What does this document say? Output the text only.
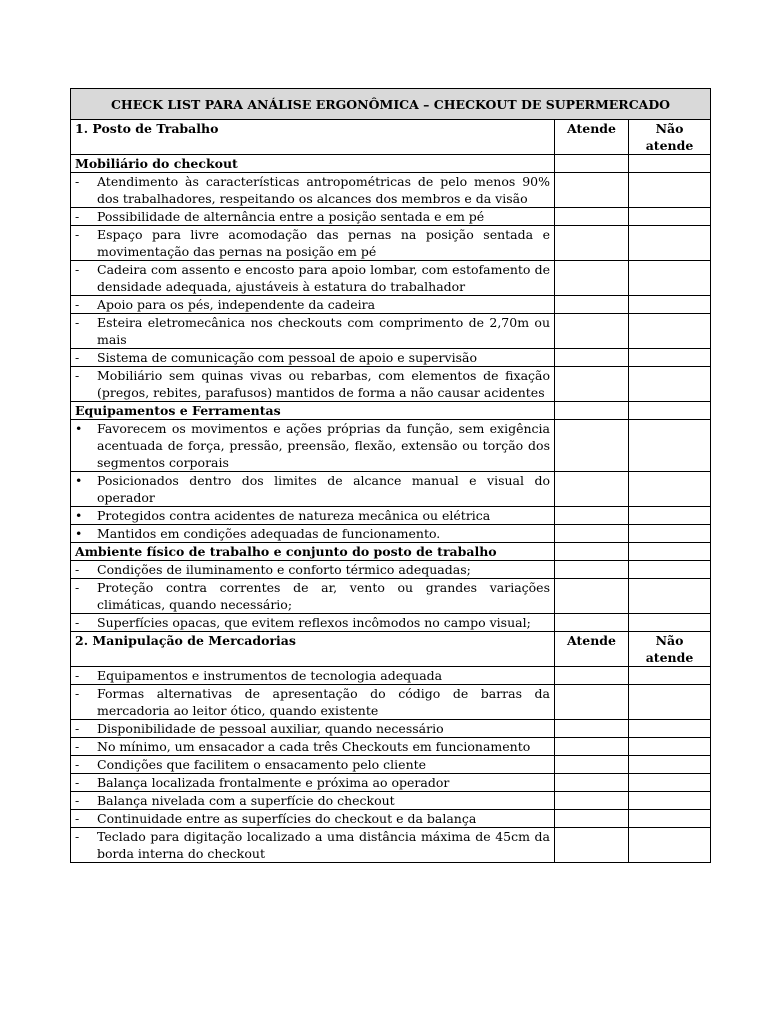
CHECK LIST PARA ANÁLISE ERGONÔMICA – CHECKOUT DE SUPERMERCADO		
1. Posto de Trabalho	Atende	Não atende
Mobiliário do checkout		

- Atendimento às características antropométricas de pelo menos 90% dos trabalhadores, respeitando os alcances dos membros e da visão		

- Possibilidade de alternância entre a posição sentada e em pé		

- Espaço para livre acomodação das pernas na posição sentada e movimentação das pernas na posição em pé		

- Cadeira com assento e encosto para apoio lombar, com estofamento de densidade adequada, ajustáveis à estatura do trabalhador		

- Apoio para os pés, independente da cadeira		

- Esteira eletromecânica nos checkouts com comprimento de 2,70m ou mais		

- Sistema de comunicação com pessoal de apoio e supervisão		

- Mobiliário sem quinas vivas ou rebarbas, com elementos de fixação (pregos, rebites, parafusos) mantidos de forma a não causar acidentes		

Equipamentos e Ferramentas		

• Favorecem os movimentos e ações próprias da função, sem exigência acentuada de força, pressão, preensão, flexão, extensão ou torção dos segmentos corporais		

• Posicionados dentro dos limites de alcance manual e visual do operador		

• Protegidos contra acidentes de natureza mecânica ou elétrica		

• Mantidos em condições adequadas de funcionamento.		

Ambiente físico de trabalho e conjunto do posto de trabalho		

- Condições de iluminamento e conforto térmico adequadas;		

- Proteção contra correntes de ar, vento ou grandes variações climáticas, quando necessário;		

- Superfícies opacas, que evitem reflexos incômodos no campo visual;		

2. Manipulação de Mercadorias	Atende	Não atende

- Equipamentos e instrumentos de tecnologia adequada		

- Formas alternativas de apresentação do código de barras da mercadoria ao leitor ótico, quando existente		

- Disponibilidade de pessoal auxiliar, quando necessário		

- No mínimo, um ensacador a cada três Checkouts em funcionamento		

- Condições que facilitem o ensacamento pelo cliente		

- Balança localizada frontalmente e próxima ao operador		

- Balança nivelada com a superfície do checkout		

- Continuidade entre as superfícies do checkout e da balança		

- Teclado para digitação localizado a uma distância máxima de 45cm da borda interna do checkout		
